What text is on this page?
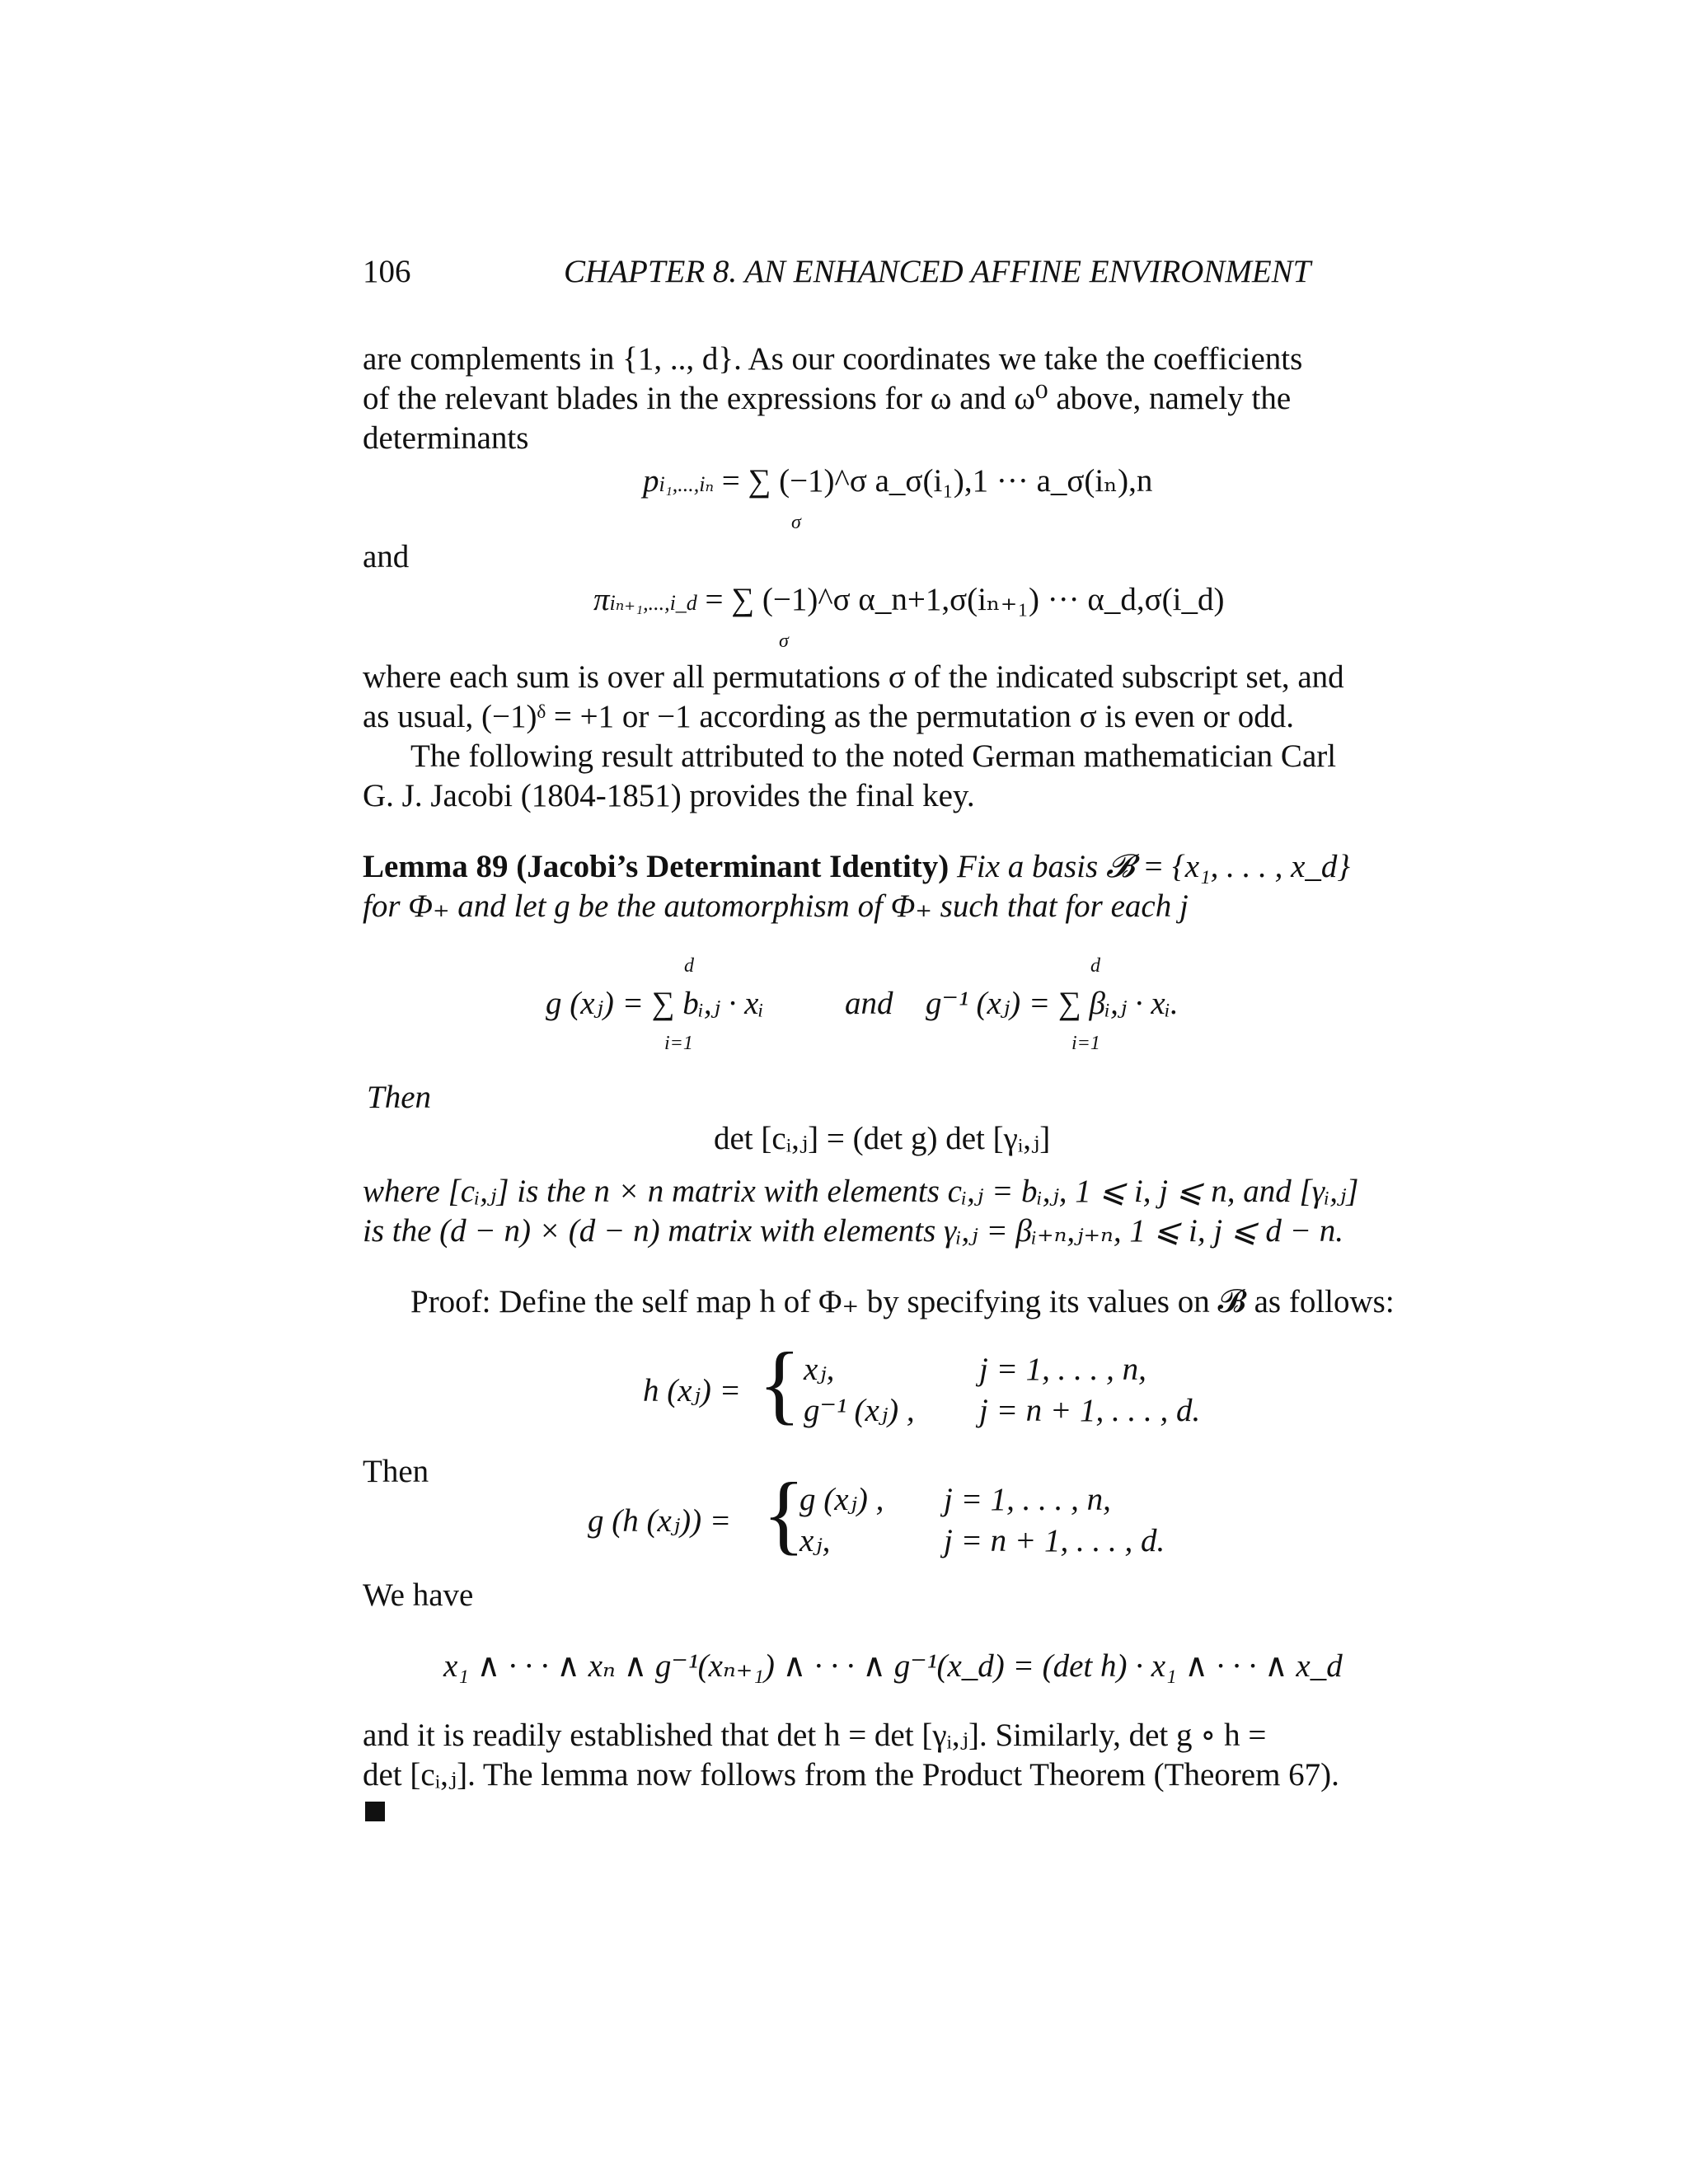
106	CHAPTER 8. AN ENHANCED AFFINE ENVIRONMENT
are complements in {1, .., d}. As our coordinates we take the coefficients
of the relevant blades in the expressions for ω and ω⁰ above, namely the
determinants
pi₁,...,iₙ = ∑ (−1)^σ a_σ(i₁),1 ··· a_σ(iₙ),n
σ
and
πiₙ₊₁,...,i_d = ∑ (−1)^σ α_n+1,σ(iₙ₊₁) ··· α_d,σ(i_d)
σ
where each sum is over all permutations σ of the indicated subscript set, and
as usual, (−1)ᵟ = +1 or −1 according as the permutation σ is even or odd.
The following result attributed to the noted German mathematician Carl
G. J. Jacobi (1804-1851) provides the final key.
Lemma 89 (Jacobi’s Determinant Identity) Fix a basis 𝓑 = {x₁, . . . , x_d}
for Φ₊ and let g be the automorphism of Φ₊ such that for each j
d	d
g (xⱼ) = ∑ bᵢ,ⱼ · xᵢ	and g⁻¹ (xⱼ) = ∑ βᵢ,ⱼ · xᵢ.
i=1	i=1
Then
det [cᵢ,ⱼ] = (det g) det [γᵢ,ⱼ]
where [cᵢ,ⱼ] is the n × n matrix with elements cᵢ,ⱼ = bᵢ,ⱼ, 1 ⩽ i, j ⩽ n, and [γᵢ,ⱼ]
is the (d − n) × (d − n) matrix with elements γᵢ,ⱼ = βᵢ₊ₙ,ⱼ₊ₙ, 1 ⩽ i, j ⩽ d − n.
Proof: Define the self map h of Φ₊ by specifying its values on 𝓑 as follows:
h (xⱼ) = { xⱼ,	j = 1, . . . , n,
g⁻¹ (xⱼ) , j = n + 1, . . . , d.
Then
g (h (xⱼ)) = {
g (xⱼ) , j = 1, . . . , n,
xⱼ,	j = n + 1, . . . , d.
We have
x₁ ∧ · · · ∧ xₙ ∧ g⁻¹(xₙ₊₁) ∧ · · · ∧ g⁻¹(x_d) = (det h) · x₁ ∧ · · · ∧ x_d
and it is readily established that det h = det [γᵢ,ⱼ]. Similarly, det g ∘ h =
det [cᵢ,ⱼ]. The lemma now follows from the Product Theorem (Theorem 67).
